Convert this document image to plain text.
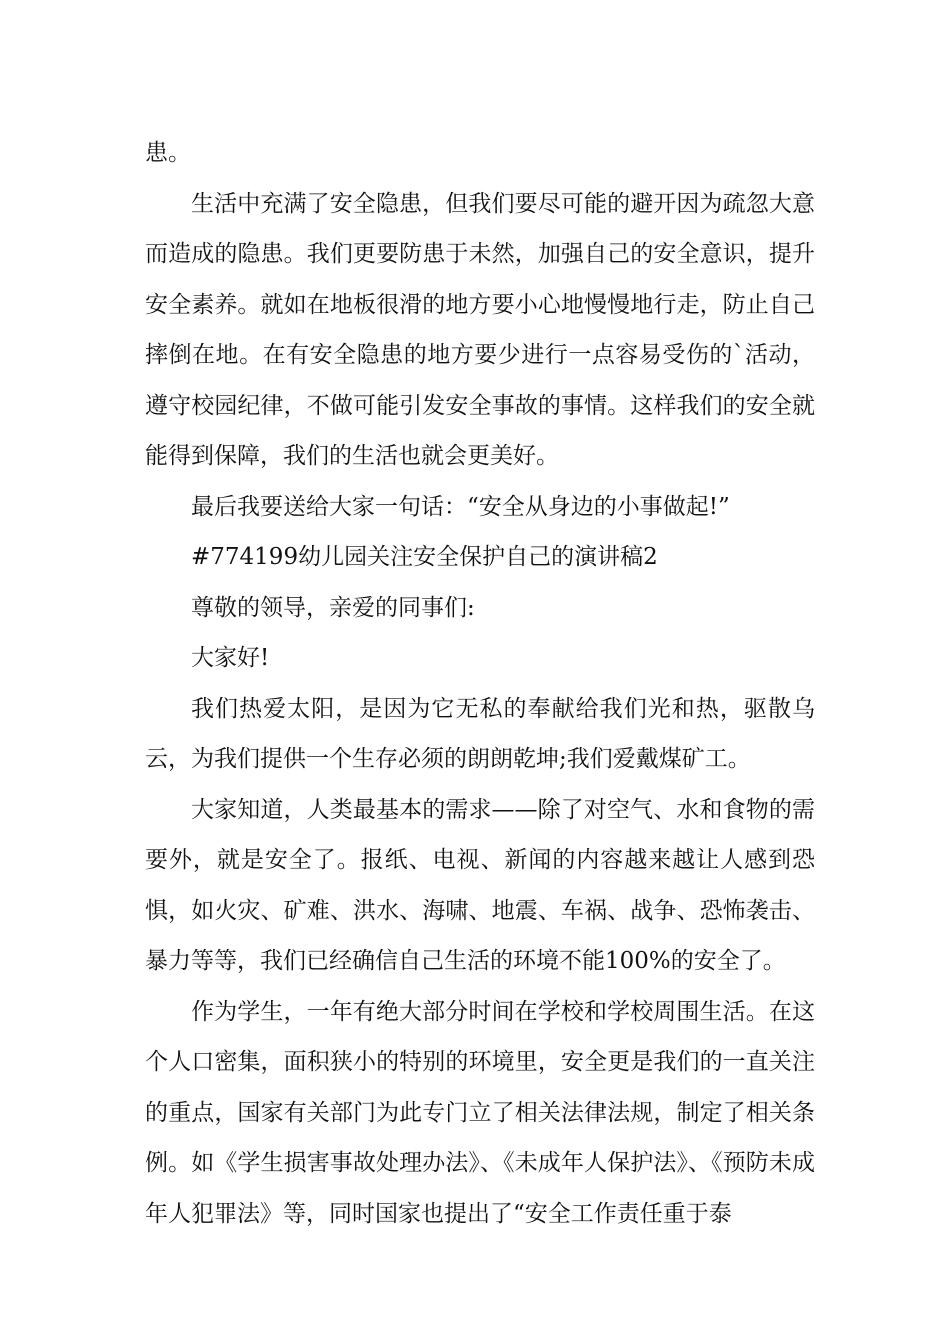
患。

生活中充满了安全隐患，但我们要尽可能的避开因为疏忽大意而造成的隐患。我们更要防患于未然，加强自己的安全意识，提升安全素养。就如在地板很滑的地方要小心地慢慢地行走，防止自己摔倒在地。在有安全隐患的地方要少进行一点容易受伤的`活动，遵守校园纪律，不做可能引发安全事故的事情。这样我们的安全就能得到保障，我们的生活也就会更美好。

最后我要送给大家一句话：“安全从身边的小事做起!”

#774199幼儿园关注安全保护自己的演讲稿2

尊敬的领导，亲爱的同事们:

大家好!

我们热爱太阳，是因为它无私的奉献给我们光和热，驱散乌云，为我们提供一个生存必须的朗朗乾坤;我们爱戴煤矿工。

大家知道，人类最基本的需求——除了对空气、水和食物的需要外，就是安全了。报纸、电视、新闻的内容越来越让人感到恐惧，如火灾、矿难、洪水、海啸、地震、车祸、战争、恐怖袭击、暴力等等，我们已经确信自己生活的环境不能100%的安全了。

作为学生，一年有绝大部分时间在学校和学校周围生活。在这个人口密集，面积狭小的特别的环境里，安全更是我们的一直关注的重点，国家有关部门为此专门立了相关法律法规，制定了相关条例。如《学生损害事故处理办法》、《未成年人保护法》、《预防未成年人犯罪法》等，同时国家也提出了“安全工作责任重于泰
